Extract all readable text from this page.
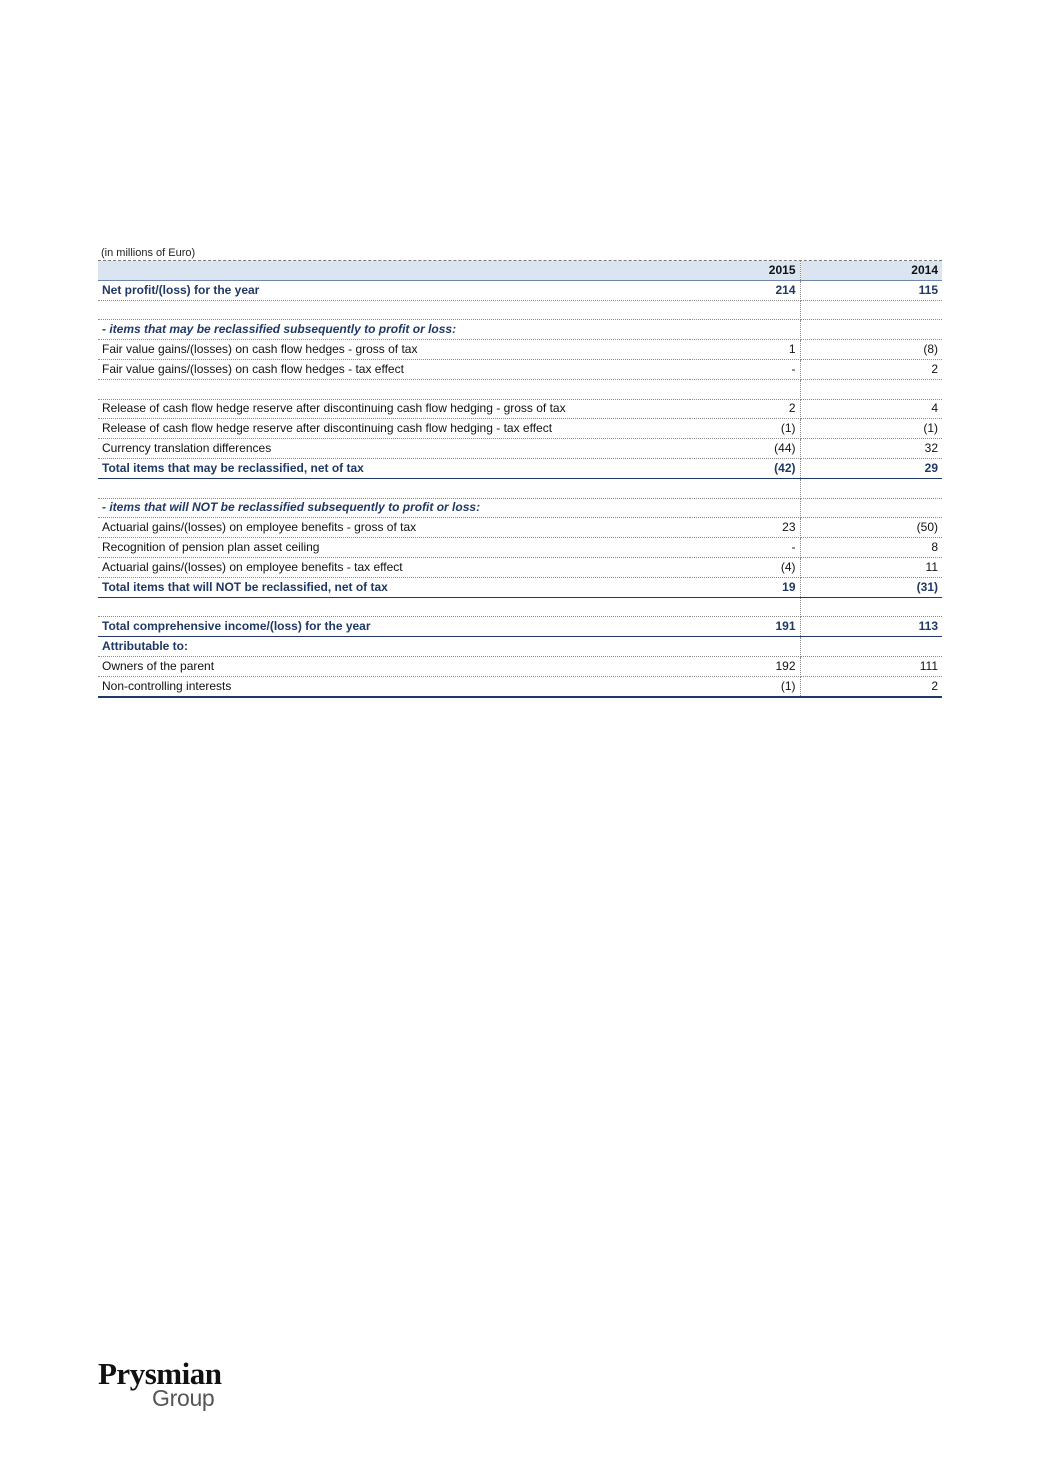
(in millions of Euro)
	2015	2014
Net profit/(loss) for the year	214	115

- items that may be reclassified subsequently to profit or loss:		
Fair value gains/(losses) on cash flow hedges - gross of tax	1	(8)
Fair value gains/(losses) on cash flow hedges - tax effect	-	2

Release of cash flow hedge reserve after discontinuing cash flow hedging - gross of tax	2	4
Release of cash flow hedge reserve after discontinuing cash flow hedging - tax effect	(1)	(1)
Currency translation differences	(44)	32
Total items that may be reclassified, net of tax	(42)	29

- items that will NOT be reclassified subsequently to profit or loss:		
Actuarial gains/(losses) on employee benefits - gross of tax	23	(50)
Recognition of pension plan asset ceiling	-	8
Actuarial gains/(losses) on employee benefits - tax effect	(4)	11
Total items that will NOT be reclassified, net of tax	19	(31)

Total comprehensive income/(loss) for the year	191	113
Attributable to:		
Owners of the parent	192	111
Non-controlling interests	(1)	2
Prysmian
Group
